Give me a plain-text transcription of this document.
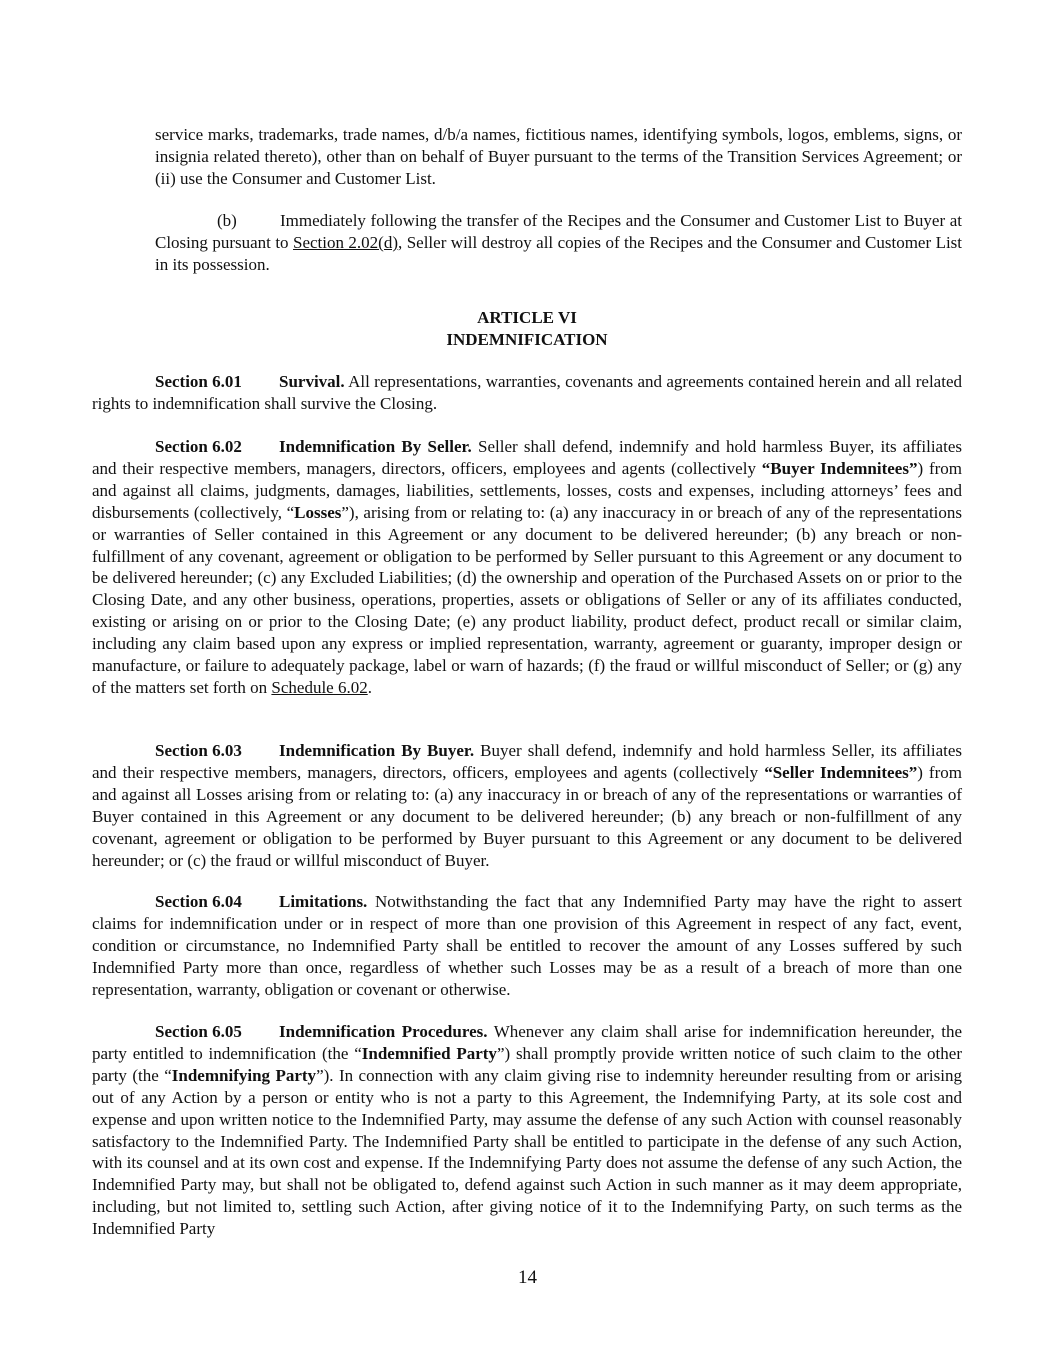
service marks, trademarks, trade names, d/b/a names, fictitious names, identifying symbols, logos, emblems, signs, or insignia related thereto), other than on behalf of Buyer pursuant to the terms of the Transition Services Agreement; or (ii) use the Consumer and Customer List.

(b)	Immediately following the transfer of the Recipes and the Consumer and Customer List to Buyer at Closing pursuant to Section 2.02(d), Seller will destroy all copies of the Recipes and the Consumer and Customer List in its possession.

ARTICLE VI
INDEMNIFICATION

Section 6.01 Survival. All representations, warranties, covenants and agreements contained herein and all related rights to indemnification shall survive the Closing.

Section 6.02 Indemnification By Seller. Seller shall defend, indemnify and hold harmless Buyer, its affiliates and their respective members, managers, directors, officers, employees and agents (collectively “Buyer Indemnitees”) from and against all claims, judgments, damages, liabilities, settlements, losses, costs and expenses, including attorneys’ fees and disbursements (collectively, “Losses”), arising from or relating to: (a) any inaccuracy in or breach of any of the representations or warranties of Seller contained in this Agreement or any document to be delivered hereunder; (b) any breach or non-fulfillment of any covenant, agreement or obligation to be performed by Seller pursuant to this Agreement or any document to be delivered hereunder; (c) any Excluded Liabilities; (d) the ownership and operation of the Purchased Assets on or prior to the Closing Date, and any other business, operations, properties, assets or obligations of Seller or any of its affiliates conducted, existing or arising on or prior to the Closing Date; (e) any product liability, product defect, product recall or similar claim, including any claim based upon any express or implied representation, warranty, agreement or guaranty, improper design or manufacture, or failure to adequately package, label or warn of hazards; (f) the fraud or willful misconduct of Seller; or (g) any of the matters set forth on Schedule 6.02.

Section 6.03 Indemnification By Buyer. Buyer shall defend, indemnify and hold harmless Seller, its affiliates and their respective members, managers, directors, officers, employees and agents (collectively “Seller Indemnitees”) from and against all Losses arising from or relating to: (a) any inaccuracy in or breach of any of the representations or warranties of Buyer contained in this Agreement or any document to be delivered hereunder; (b) any breach or non-fulfillment of any covenant, agreement or obligation to be performed by Buyer pursuant to this Agreement or any document to be delivered hereunder; or (c) the fraud or willful misconduct of Buyer.

Section 6.04 Limitations. Notwithstanding the fact that any Indemnified Party may have the right to assert claims for indemnification under or in respect of more than one provision of this Agreement in respect of any fact, event, condition or circumstance, no Indemnified Party shall be entitled to recover the amount of any Losses suffered by such Indemnified Party more than once, regardless of whether such Losses may be as a result of a breach of more than one representation, warranty, obligation or covenant or otherwise.

Section 6.05 Indemnification Procedures. Whenever any claim shall arise for indemnification hereunder, the party entitled to indemnification (the “Indemnified Party”) shall promptly provide written notice of such claim to the other party (the “Indemnifying Party”). In connection with any claim giving rise to indemnity hereunder resulting from or arising out of any Action by a person or entity who is not a party to this Agreement, the Indemnifying Party, at its sole cost and expense and upon written notice to the Indemnified Party, may assume the defense of any such Action with counsel reasonably satisfactory to the Indemnified Party. The Indemnified Party shall be entitled to participate in the defense of any such Action, with its counsel and at its own cost and expense. If the Indemnifying Party does not assume the defense of any such Action, the Indemnified Party may, but shall not be obligated to, defend against such Action in such manner as it may deem appropriate, including, but not limited to, settling such Action, after giving notice of it to the Indemnifying Party, on such terms as the Indemnified Party

14
